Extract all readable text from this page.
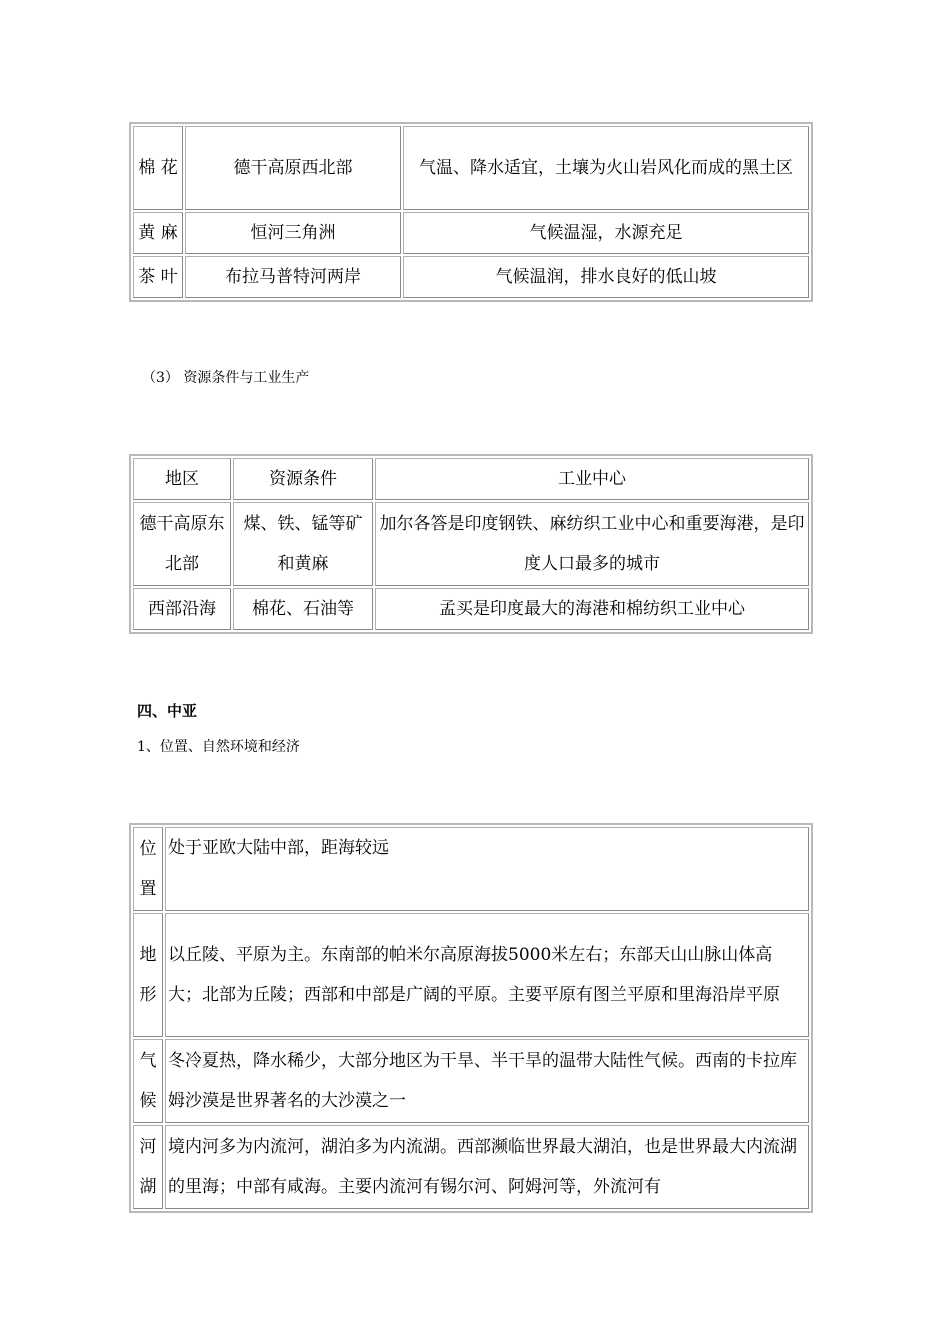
棉 花	德干高原西北部	气温、降水适宜，土壤为火山岩风化而成的黑土区
黄 麻	恒河三角洲	气候温湿，水源充足
茶 叶	布拉马普特河两岸	气候温润，排水良好的低山坡

（3） 资源条件与工业生产

地区	资源条件	工业中心
德干高原东北部	煤、铁、锰等矿和黄麻	加尔各答是印度钢铁、麻纺织工业中心和重要海港，是印度人口最多的城市
西部沿海	棉花、石油等	孟买是印度最大的海港和棉纺织工业中心

四、中亚

1、位置、自然环境和经济

位
置	处于亚欧大陆中部，距海较远

地
形	以丘陵、平原为主。东南部的帕米尔高原海拔5000米左右；东部天山山脉山体高大；北部为丘陵；西部和中部是广阔的平原。主要平原有图兰平原和里海沿岸平原

气
候	冬冷夏热，降水稀少，大部分地区为干旱、半干旱的温带大陆性气候。西南的卡拉库姆沙漠是世界著名的大沙漠之一

河
湖	境内河多为内流河，湖泊多为内流湖。西部濒临世界最大湖泊，也是世界最大内流湖的里海；中部有咸海。主要内流河有锡尔河、阿姆河等，外流河有
